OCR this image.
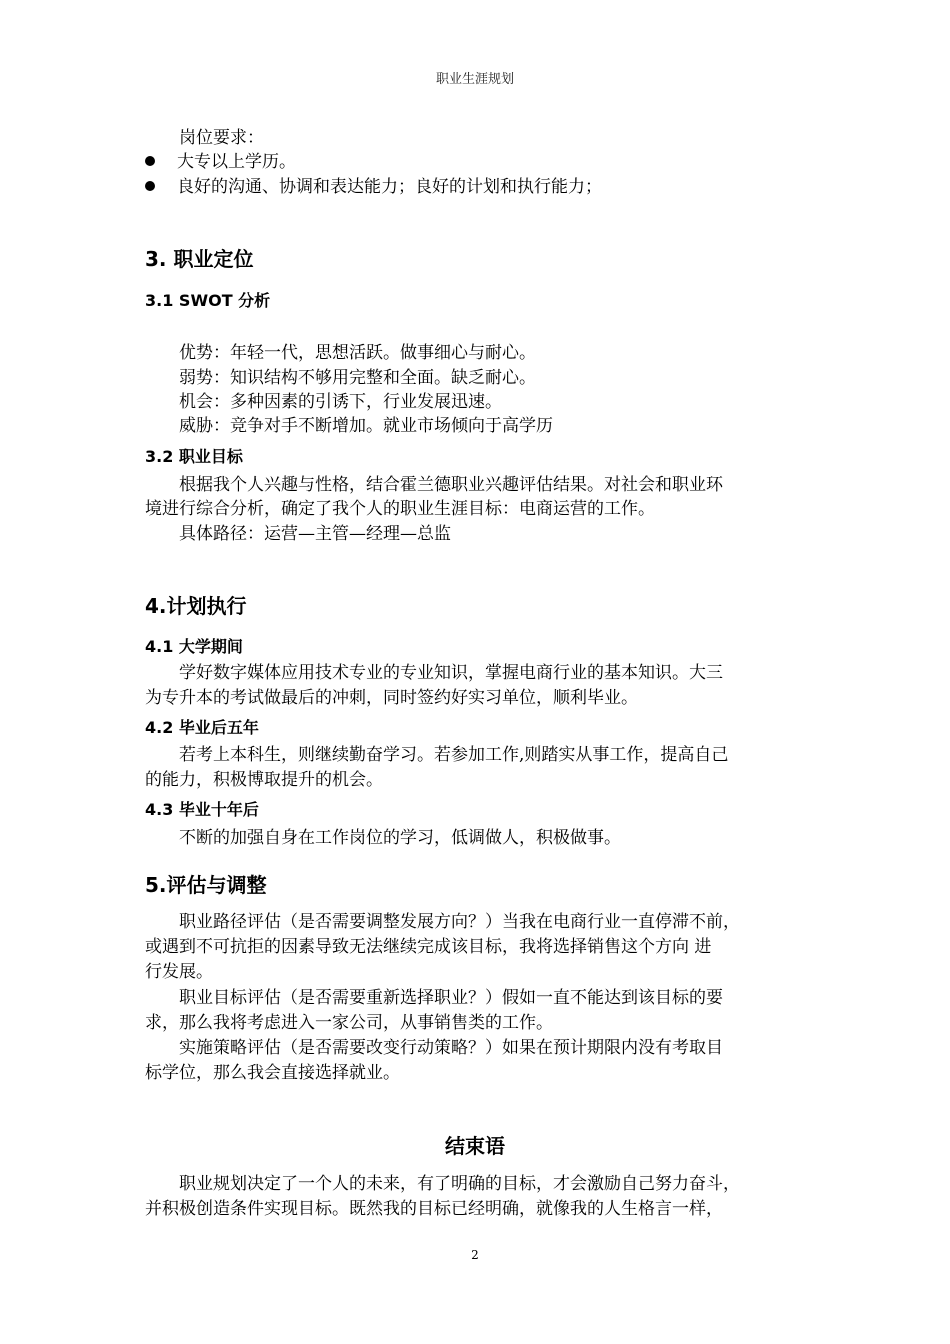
职业生涯规划
岗位要求：
大专以上学历。
良好的沟通、协调和表达能力；良好的计划和执行能力；
3. 职业定位
3.1 SWOT 分析
优势：年轻一代，思想活跃。做事细心与耐心。
弱势：知识结构不够用完整和全面。缺乏耐心。
机会：多种因素的引诱下，行业发展迅速。
威胁：竞争对手不断增加。就业市场倾向于高学历
3.2 职业目标
根据我个人兴趣与性格，结合霍兰德职业兴趣评估结果。对社会和职业环
境进行综合分析，确定了我个人的职业生涯目标：电商运营的工作。
具体路径：运营—主管—经理—总监
4.计划执行
4.1 大学期间
学好数字媒体应用技术专业的专业知识，掌握电商行业的基本知识。大三
为专升本的考试做最后的冲刺，同时签约好实习单位，顺利毕业。
4.2 毕业后五年
若考上本科生，则继续勤奋学习。若参加工作,则踏实从事工作，提高自己
的能力，积极博取提升的机会。
4.3 毕业十年后
不断的加强自身在工作岗位的学习，低调做人，积极做事。
5.评估与调整
职业路径评估（是否需要调整发展方向？）当我在电商行业一直停滞不前，
或遇到不可抗拒的因素导致无法继续完成该目标，我将选择销售这个方向 进
行发展。
职业目标评估（是否需要重新选择职业？）假如一直不能达到该目标的要
求，那么我将考虑进入一家公司，从事销售类的工作。
实施策略评估（是否需要改变行动策略？）如果在预计期限内没有考取目
标学位，那么我会直接选择就业。
结束语
职业规划决定了一个人的未来，有了明确的目标，才会激励自己努力奋斗，
并积极创造条件实现目标。既然我的目标已经明确，就像我的人生格言一样，
2
